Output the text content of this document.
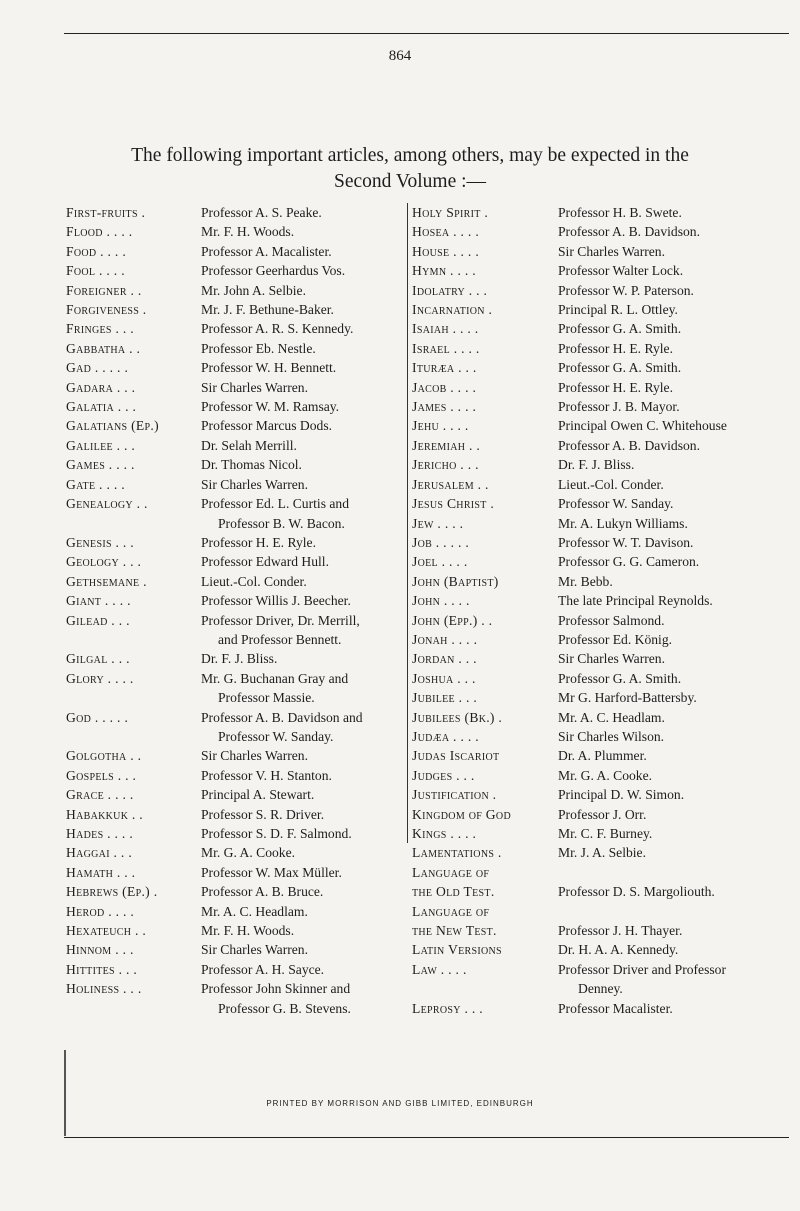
864
The following important articles, among others, may be expected in the
Second Volume :—
First-fruits .	Professor A. S. Peake.
Flood . . . .	Mr. F. H. Woods.
Food . . . .	Professor A. Macalister.
Fool . . . .	Professor Geerhardus Vos.
Foreigner . .	Mr. John A. Selbie.
Forgiveness .	Mr. J. F. Bethune-Baker.
Fringes . . .	Professor A. R. S. Kennedy.
Gabbatha . .	Professor Eb. Nestle.
Gad . . . . .	Professor W. H. Bennett.
Gadara . . .	Sir Charles Warren.
Galatia . . .	Professor W. M. Ramsay.
Galatians (Ep.)	Professor Marcus Dods.
Galilee . . .	Dr. Selah Merrill.
Games . . . .	Dr. Thomas Nicol.
Gate . . . .	Sir Charles Warren.
Genealogy . .	Professor Ed. L. Curtis and
Professor B. W. Bacon.
Genesis . . .	Professor H. E. Ryle.
Geology . . .	Professor Edward Hull.
Gethsemane .	Lieut.-Col. Conder.
Giant . . . .	Professor Willis J. Beecher.
Gilead . . .	Professor Driver, Dr. Merrill,
and Professor Bennett.
Gilgal . . .	Dr. F. J. Bliss.
Glory . . . .	Mr. G. Buchanan Gray and
Professor Massie.
God . . . . .	Professor A. B. Davidson and
Professor W. Sanday.
Golgotha . .	Sir Charles Warren.
Gospels . . .	Professor V. H. Stanton.
Grace . . . .	Principal A. Stewart.
Habakkuk . .	Professor S. R. Driver.
Hades . . . .	Professor S. D. F. Salmond.
Haggai . . .	Mr. G. A. Cooke.
Hamath . . .	Professor W. Max Müller.
Hebrews (Ep.) .	Professor A. B. Bruce.
Herod . . . .	Mr. A. C. Headlam.
Hexateuch . .	Mr. F. H. Woods.
Hinnom . . .	Sir Charles Warren.
Hittites . . .	Professor A. H. Sayce.
Holiness . . .	Professor John Skinner and
Professor G. B. Stevens.
Holy Spirit .	Professor H. B. Swete.
Hosea . . . .	Professor A. B. Davidson.
House . . . .	Sir Charles Warren.
Hymn . . . .	Professor Walter Lock.
Idolatry . . .	Professor W. P. Paterson.
Incarnation .	Principal R. L. Ottley.
Isaiah . . . .	Professor G. A. Smith.
Israel . . . .	Professor H. E. Ryle.
Ituræa . . .	Professor G. A. Smith.
Jacob . . . .	Professor H. E. Ryle.
James . . . .	Professor J. B. Mayor.
Jehu . . . .	Principal Owen C. Whitehouse
Jeremiah . .	Professor A. B. Davidson.
Jericho . . .	Dr. F. J. Bliss.
Jerusalem . .	Lieut.-Col. Conder.
Jesus Christ .	Professor W. Sanday.
Jew . . . .	Mr. A. Lukyn Williams.
Job . . . . .	Professor W. T. Davison.
Joel . . . .	Professor G. G. Cameron.
John (Baptist)	Mr. Bebb.
John . . . .	The late Principal Reynolds.
John (Epp.) . .	Professor Salmond.
Jonah . . . .	Professor Ed. König.
Jordan . . .	Sir Charles Warren.
Joshua . . .	Professor G. A. Smith.
Jubilee . . .	Mr G. Harford-Battersby.
Jubilees (Bk.) .	Mr. A. C. Headlam.
Judæa . . . .	Sir Charles Wilson.
Judas Iscariot	Dr. A. Plummer.
Judges . . .	Mr. G. A. Cooke.
Justification .	Principal D. W. Simon.
Kingdom of God	Professor J. Orr.
Kings . . . .	Mr. C. F. Burney.
Lamentations .	Mr. J. A. Selbie.
Language of
the Old Test.	Professor D. S. Margoliouth.
Language of
the New Test.	Professor J. H. Thayer.
Latin Versions	Dr. H. A. A. Kennedy.
Law . . . .	Professor Driver and Professor
Denney.
Leprosy . . .	Professor Macalister.
PRINTED BY MORRISON AND GIBB LIMITED, EDINBURGH
